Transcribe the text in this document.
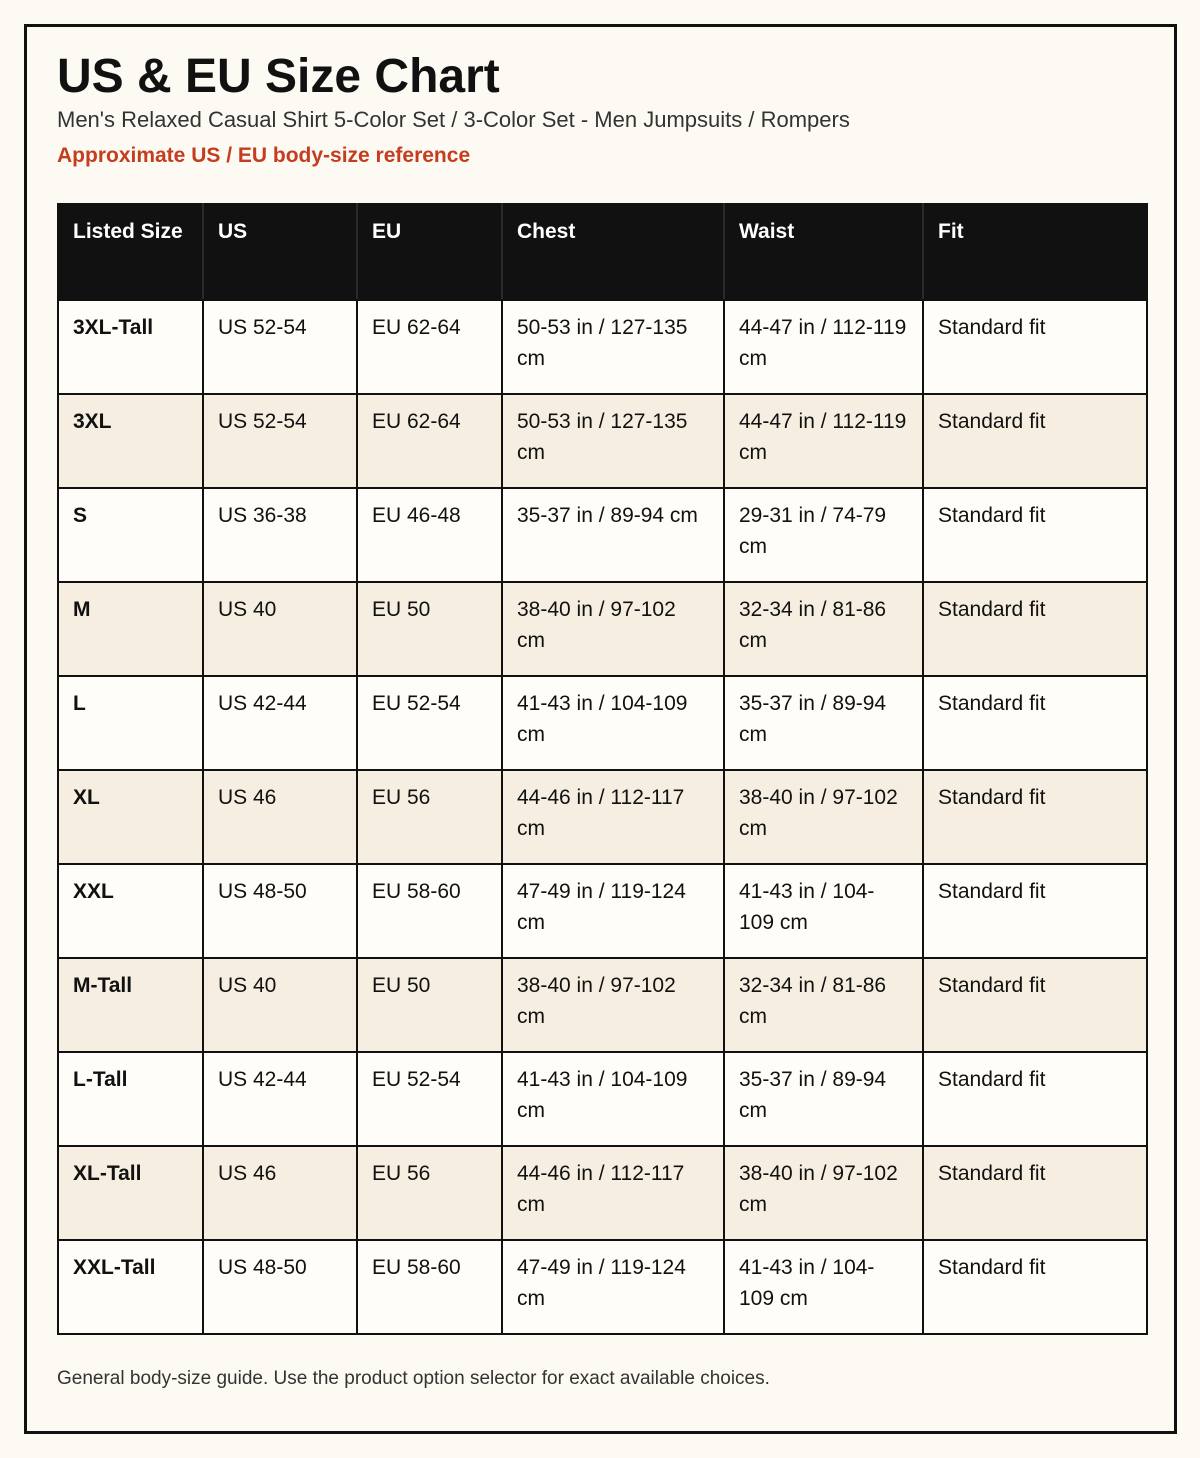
US & EU Size Chart
Men's Relaxed Casual Shirt 5-Color Set / 3-Color Set - Men Jumpsuits / Rompers
Approximate US / EU body-size reference
Listed Size	US	EU	Chest	Waist	Fit
3XL-Tall	US 52-54	EU 62-64	50-53 in / 127-135 cm	44-47 in / 112-119 cm	Standard fit
3XL	US 52-54	EU 62-64	50-53 in / 127-135 cm	44-47 in / 112-119 cm	Standard fit
S	US 36-38	EU 46-48	35-37 in / 89-94 cm	29-31 in / 74-79 cm	Standard fit
M	US 40	EU 50	38-40 in / 97-102 cm	32-34 in / 81-86 cm	Standard fit
L	US 42-44	EU 52-54	41-43 in / 104-109 cm	35-37 in / 89-94 cm	Standard fit
XL	US 46	EU 56	44-46 in / 112-117 cm	38-40 in / 97-102 cm	Standard fit
XXL	US 48-50	EU 58-60	47-49 in / 119-124 cm	41-43 in / 104-109 cm	Standard fit
M-Tall	US 40	EU 50	38-40 in / 97-102 cm	32-34 in / 81-86 cm	Standard fit
L-Tall	US 42-44	EU 52-54	41-43 in / 104-109 cm	35-37 in / 89-94 cm	Standard fit
XL-Tall	US 46	EU 56	44-46 in / 112-117 cm	38-40 in / 97-102 cm	Standard fit
XXL-Tall	US 48-50	EU 58-60	47-49 in / 119-124 cm	41-43 in / 104-109 cm	Standard fit
General body-size guide. Use the product option selector for exact available choices.
